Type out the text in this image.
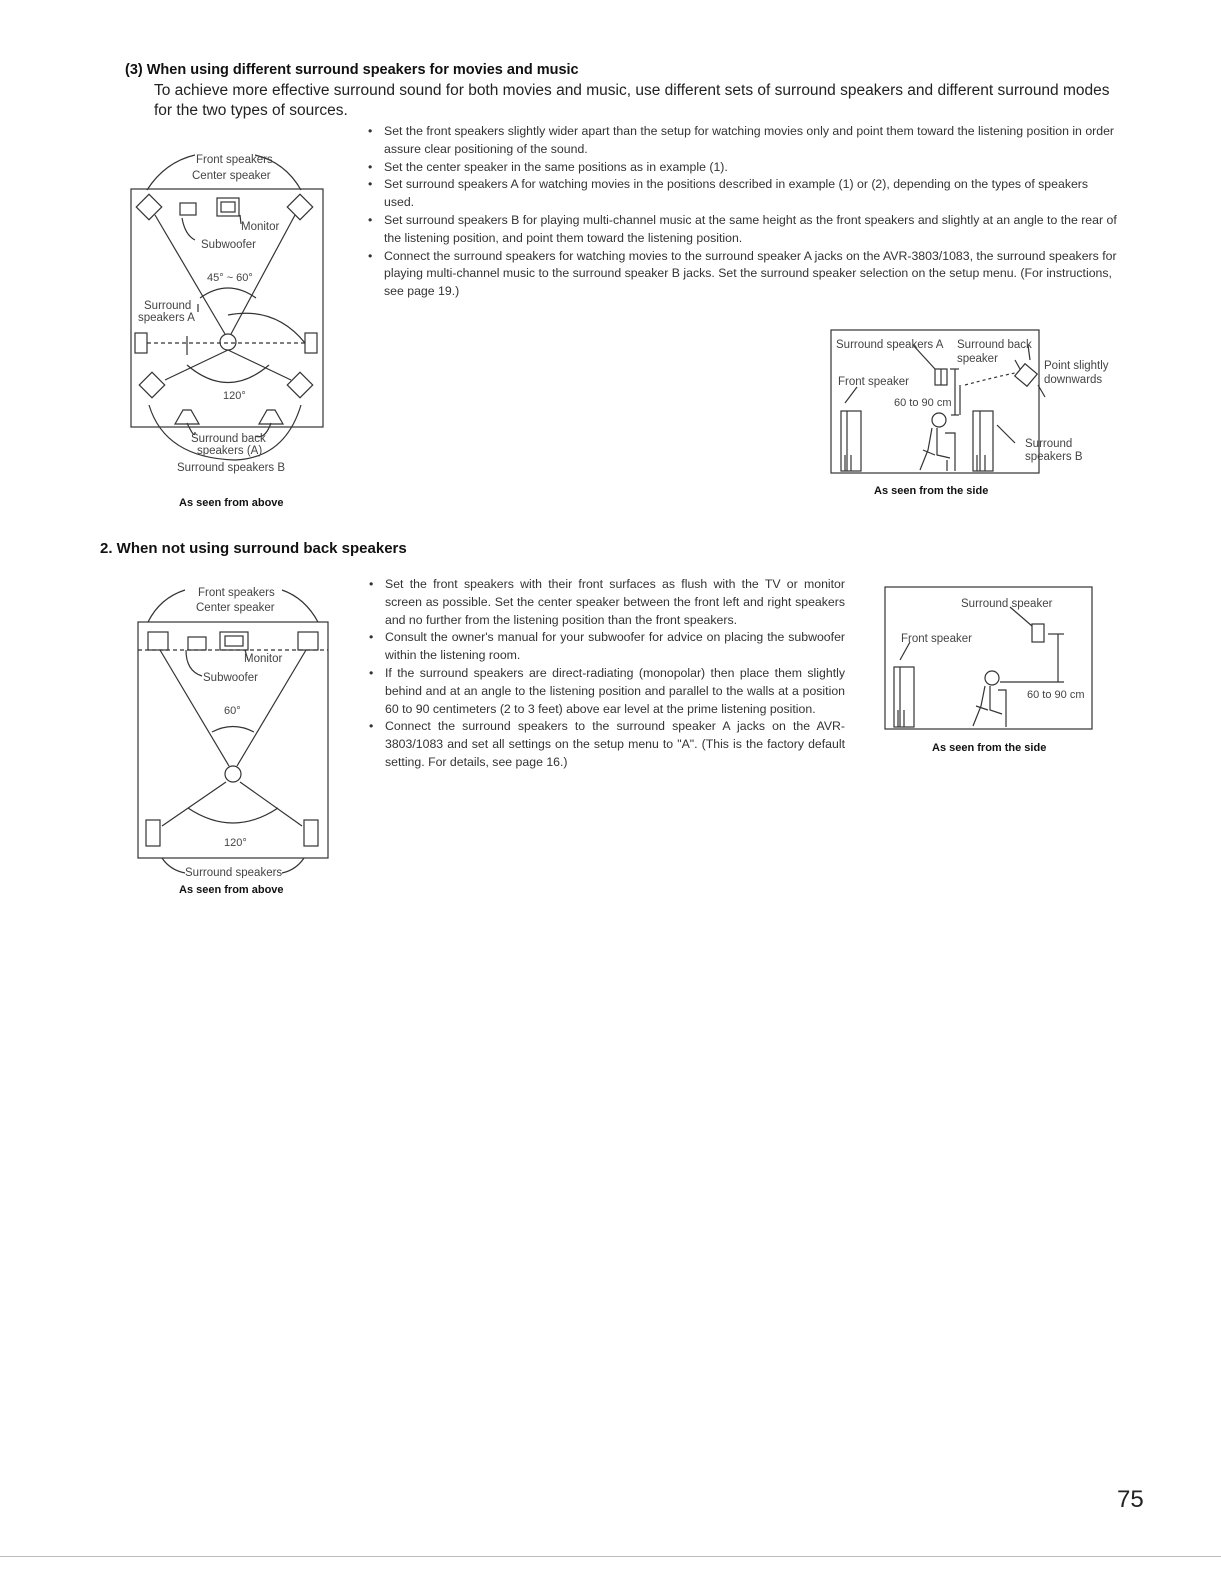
(3) When using different surround speakers for movies and music
To achieve more effective surround sound for both movies and music, use different sets of surround speakers and different surround modes for the two types of sources.
• Set the front speakers slightly wider apart than the setup for watching movies only and point them toward the listening position in order assure clear positioning of the sound.
• Set the center speaker in the same positions as in example (1).
• Set surround speakers A for watching movies in the positions described in example (1) or (2), depending on the types of speakers used.
• Set surround speakers B for playing multi-channel music at the same height as the front speakers and slightly at an angle to the rear of the listening position, and point them toward the listening position.
• Connect the surround speakers for watching movies to the surround speaker A jacks on the AVR-3803/1083, the surround speakers for playing multi-channel music to the surround speaker B jacks. Set the surround speaker selection on the setup menu. (For instructions, see page 19.)
Front speakers
Center speaker
Monitor
Subwoofer
45° ~ 60°
Surround
speakers A
120°
Surround back
speakers (A)
Surround speakers B
As seen from above
Surround speakers A Surround back
speaker
Front speaker
60 to 90 cm
Point slightly
downwards
Surround
speakers B
As seen from the side
2. When not using surround back speakers
• Set the front speakers with their front surfaces as flush with the TV or monitor screen as possible. Set the center speaker between the front left and right speakers and no further from the listening position than the front speakers.
• Consult the owner's manual for your subwoofer for advice on placing the subwoofer within the listening room.
• If the surround speakers are direct-radiating (monopolar) then place them slightly behind and at an angle to the listening position and parallel to the walls at a position 60 to 90 centimeters (2 to 3 feet) above ear level at the prime listening position.
• Connect the surround speakers to the surround speaker A jacks on the AVR-3803/1083 and set all settings on the setup menu to "A". (This is the factory default setting. For details, see page 16.)
Front speakers
Center speaker
Monitor
Subwoofer
60°
120°
Surround speakers
As seen from above
Surround speaker
Front speaker
60 to 90 cm
As seen from the side
75
